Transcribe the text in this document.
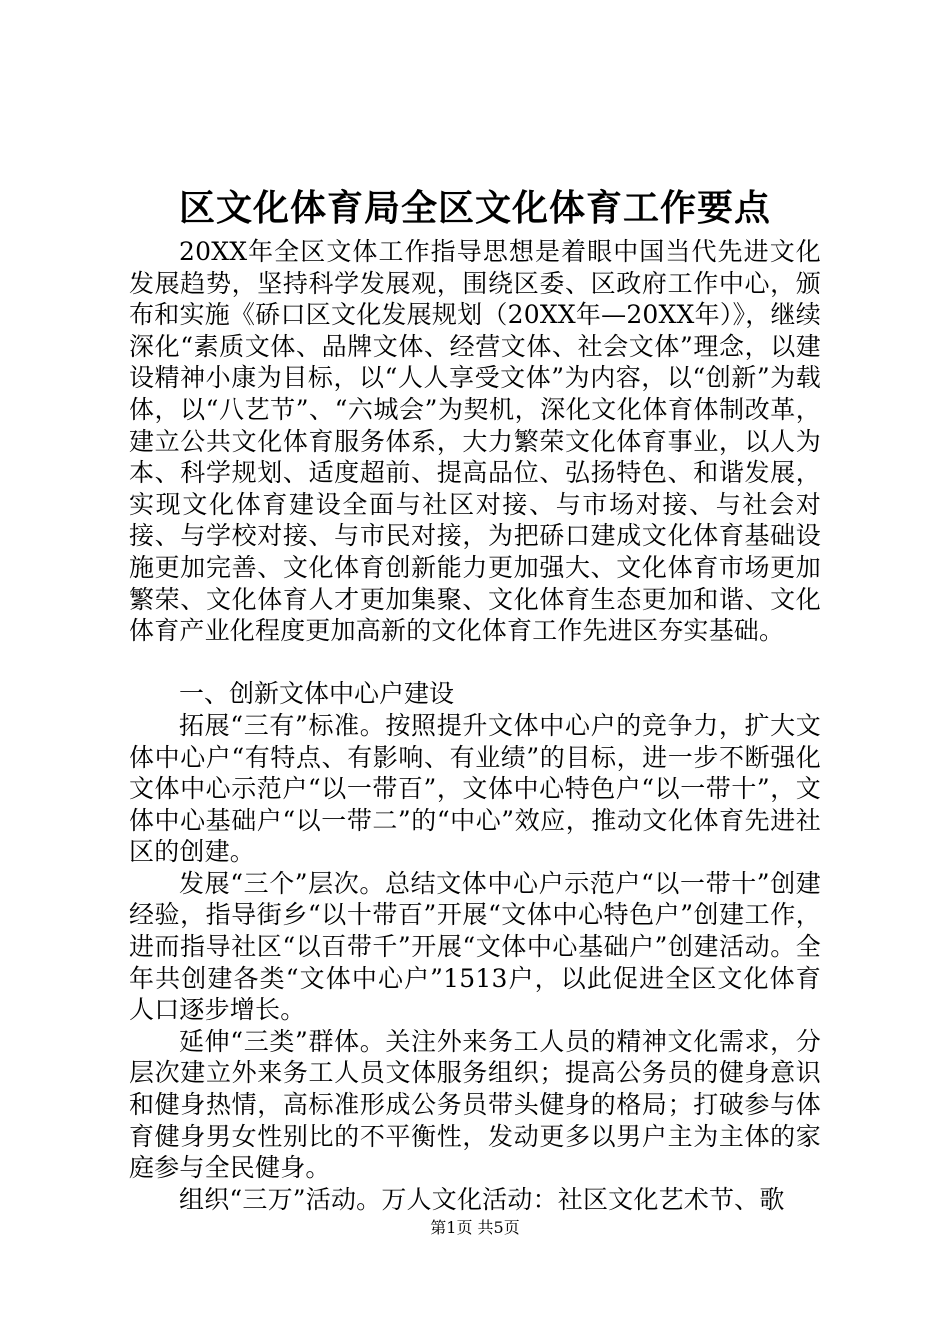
区文化体育局全区文化体育工作要点

20XX年全区文体工作指导思想是着眼中国当代先进文化发展趋势，坚持科学发展观，围绕区委、区政府工作中心，颁布和实施《硚口区文化发展规划（20XX年—20XX年）》，继续深化“素质文体、品牌文体、经营文体、社会文体”理念，以建设精神小康为目标，以“人人享受文体”为内容，以“创新”为载体，以“八艺节”、“六城会”为契机，深化文化体育体制改革，建立公共文化体育服务体系，大力繁荣文化体育事业，以人为本、科学规划、适度超前、提高品位、弘扬特色、和谐发展，实现文化体育建设全面与社区对接、与市场对接、与社会对接、与学校对接、与市民对接，为把硚口建成文化体育基础设施更加完善、文化体育创新能力更加强大、文化体育市场更加繁荣、文化体育人才更加集聚、文化体育生态更加和谐、文化体育产业化程度更加高新的文化体育工作先进区夯实基础。

一、创新文体中心户建设

拓展“三有”标准。按照提升文体中心户的竞争力，扩大文体中心户“有特点、有影响、有业绩”的目标，进一步不断强化文体中心示范户“以一带百”，文体中心特色户“以一带十”，文体中心基础户“以一带二”的“中心”效应，推动文化体育先进社区的创建。

发展“三个”层次。总结文体中心户示范户“以一带十”创建经验，指导街乡“以十带百”开展“文体中心特色户”创建工作，进而指导社区“以百带千”开展“文体中心基础户”创建活动。全年共创建各类“文体中心户”1513户，以此促进全区文化体育人口逐步增长。

延伸“三类”群体。关注外来务工人员的精神文化需求，分层次建立外来务工人员文体服务组织；提高公务员的健身意识和健身热情，高标准形成公务员带头健身的格局；打破参与体育健身男女性别比的不平衡性，发动更多以男户主为主体的家庭参与全民健身。

组织“三万”活动。万人文化活动：社区文化艺术节、歌

第1页 共5页
